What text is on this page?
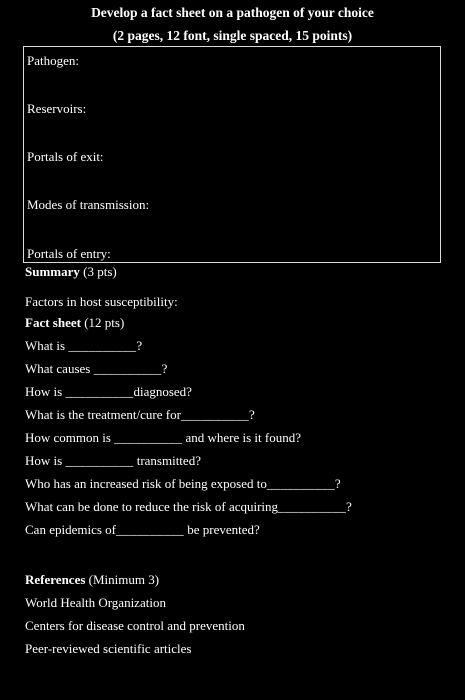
Develop a fact sheet on a pathogen of your choice
(2 pages, 12 font, single spaced, 15 points)
Pathogen:
Reservoirs:
Portals of exit:
Modes of transmission:
Portals of entry:
Summary (3 pts)
Factors in host susceptibility:
Fact sheet (12 pts)
What is __________?
What causes __________?
How is __________diagnosed?
What is the treatment/cure for__________?
How common is __________ and where is it found?
How is __________ transmitted?
Who has an increased risk of being exposed to__________?
What can be done to reduce the risk of acquiring__________?
Can epidemics of__________ be prevented?
References (Minimum 3)
World Health Organization
Centers for disease control and prevention
Peer-reviewed scientific articles
